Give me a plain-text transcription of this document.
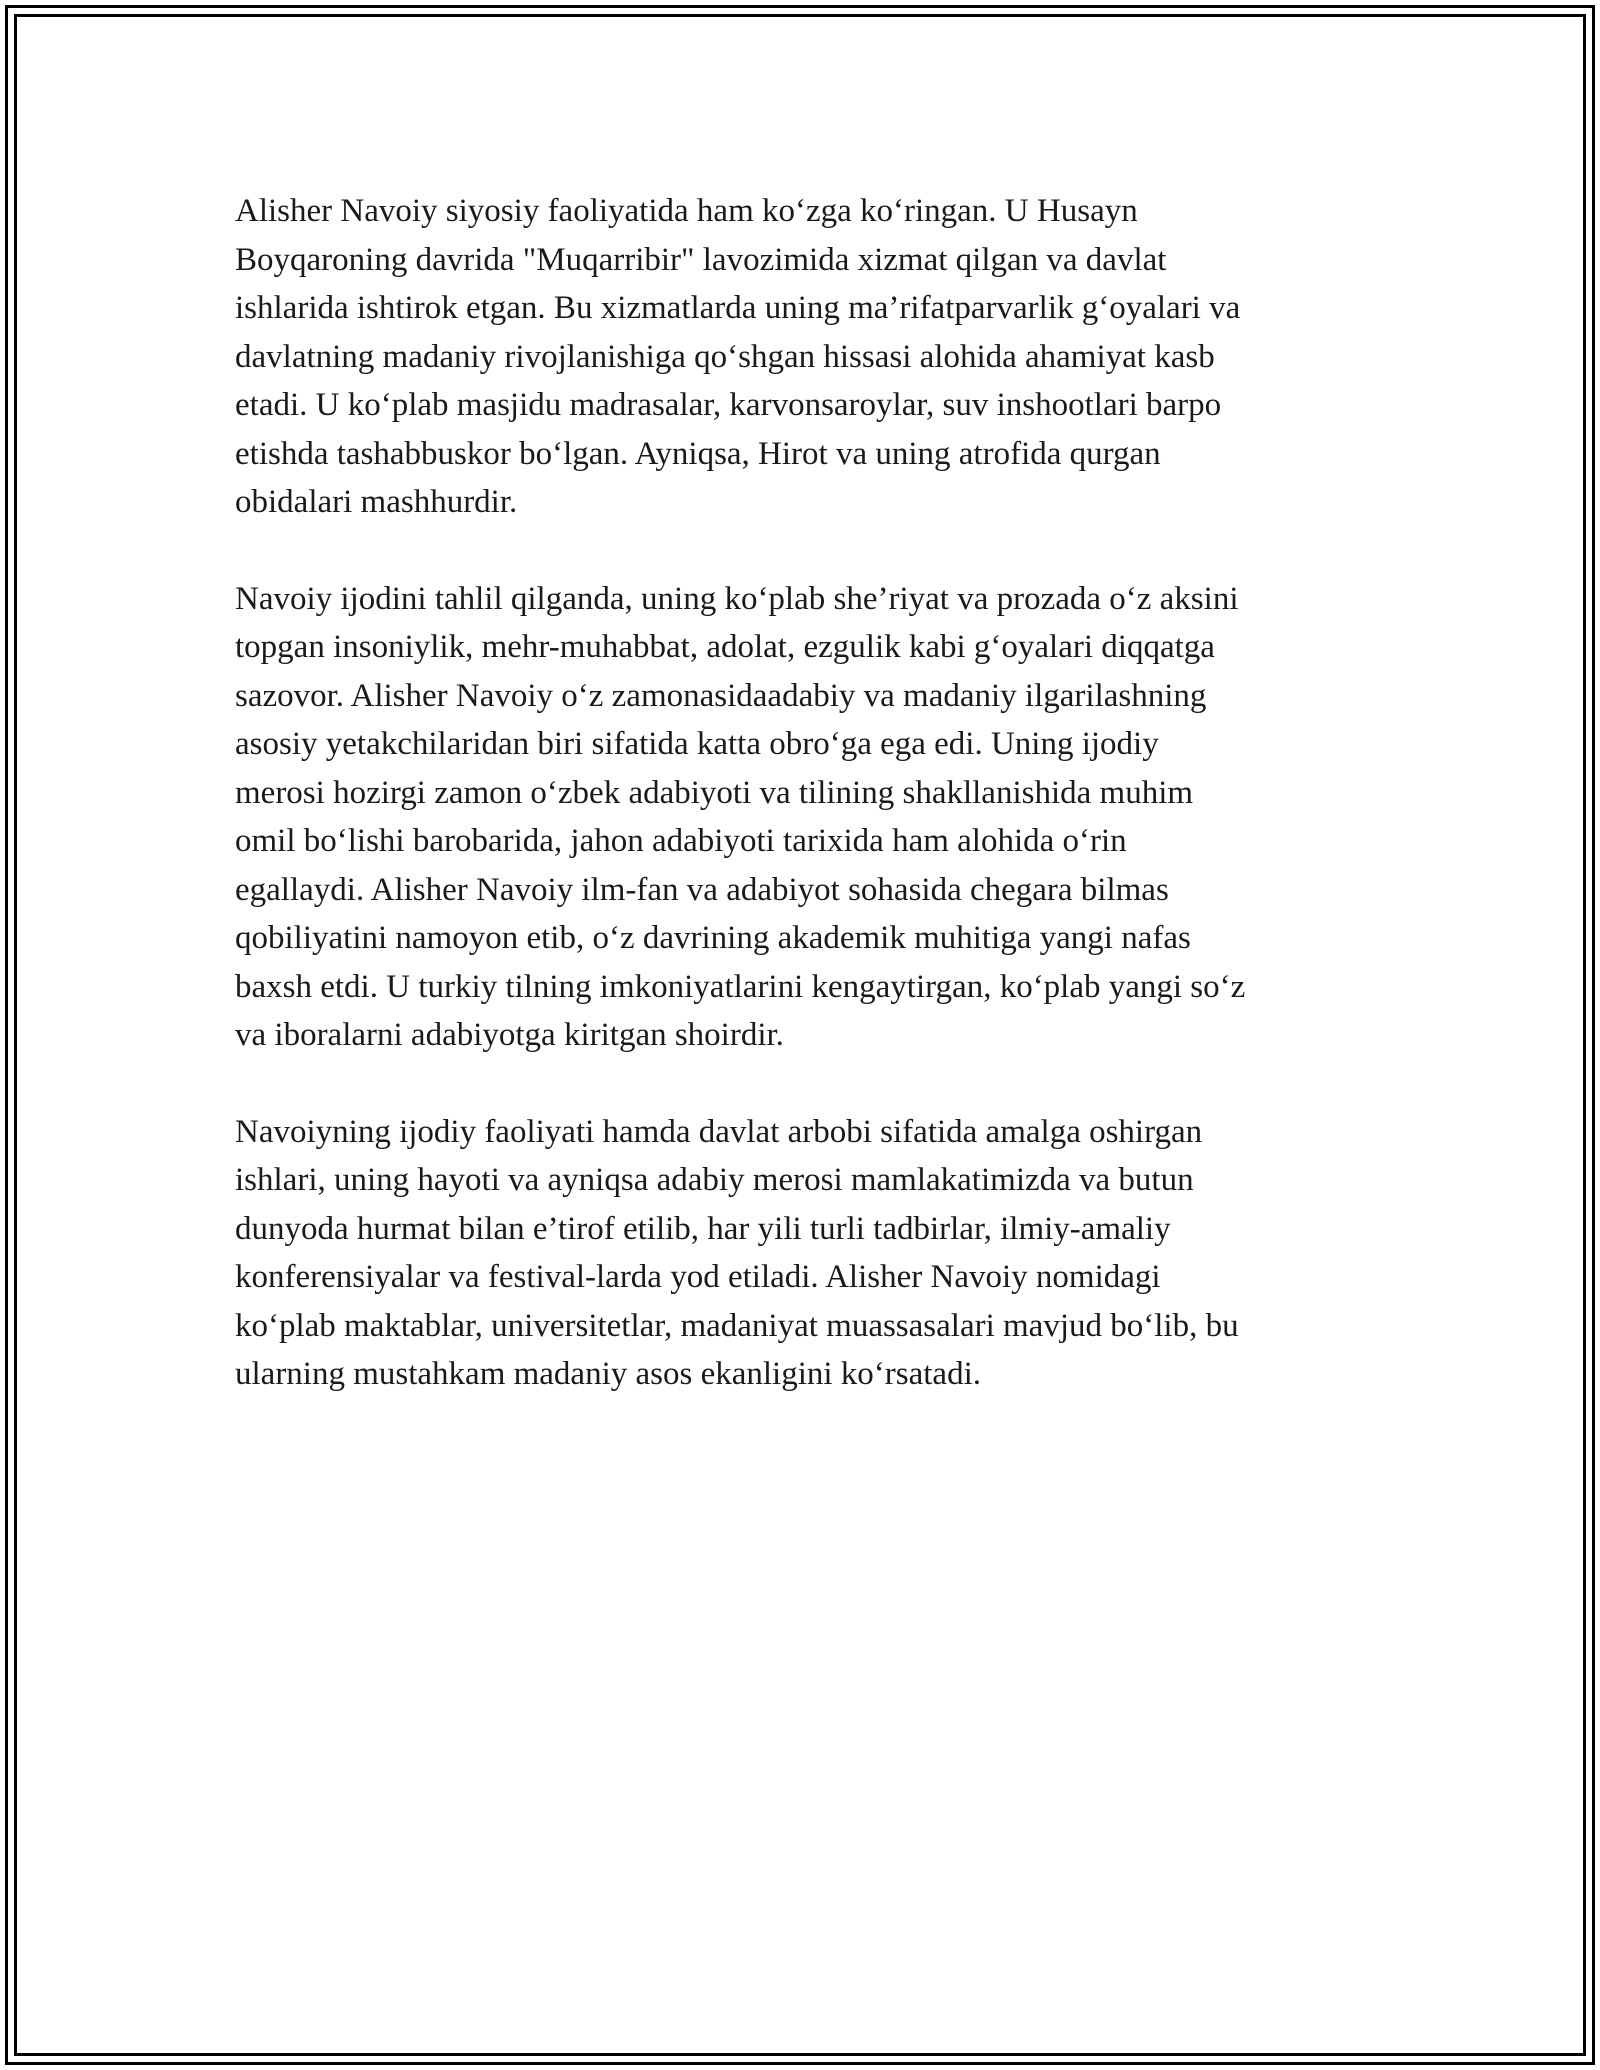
Alisher Navoiy siyosiy faoliyatida ham ko‘zga ko‘ringan. U Husayn
Boyqaroning davrida "Muqarribir" lavozimida xizmat qilgan va davlat
ishlarida ishtirok etgan. Bu xizmatlarda uning ma’rifatparvarlik g‘oyalari va
davlatning madaniy rivojlanishiga qo‘shgan hissasi alohida ahamiyat kasb
etadi. U ko‘plab masjidu madrasalar, karvonsaroylar, suv inshootlari barpo
etishda tashabbuskor bo‘lgan. Ayniqsa, Hirot va uning atrofida qurgan
obidalari mashhurdir.

Navoiy ijodini tahlil qilganda, uning ko‘plab she’riyat va prozada o‘z aksini
topgan insoniylik, mehr-muhabbat, adolat, ezgulik kabi g‘oyalari diqqatga
sazovor. Alisher Navoiy o‘z zamonasidaadabiy va madaniy ilgarilashning
asosiy yetakchilaridan biri sifatida katta obro‘ga ega edi. Uning ijodiy
merosi hozirgi zamon o‘zbek adabiyoti va tilining shakllanishida muhim
omil bo‘lishi barobarida, jahon adabiyoti tarixida ham alohida o‘rin
egallaydi. Alisher Navoiy ilm-fan va adabiyot sohasida chegara bilmas
qobiliyatini namoyon etib, o‘z davrining akademik muhitiga yangi nafas
baxsh etdi. U turkiy tilning imkoniyatlarini kengaytirgan, ko‘plab yangi so‘z
va iboralarni adabiyotga kiritgan shoirdir.

Navoiyning ijodiy faoliyati hamda davlat arbobi sifatida amalga oshirgan
ishlari, uning hayoti va ayniqsa adabiy merosi mamlakatimizda va butun
dunyoda hurmat bilan e’tirof etilib, har yili turli tadbirlar, ilmiy-amaliy
konferensiyalar va festival-larda yod etiladi. Alisher Navoiy nomidagi
ko‘plab maktablar, universitetlar, madaniyat muassasalari mavjud bo‘lib, bu
ularning mustahkam madaniy asos ekanligini ko‘rsatadi.
